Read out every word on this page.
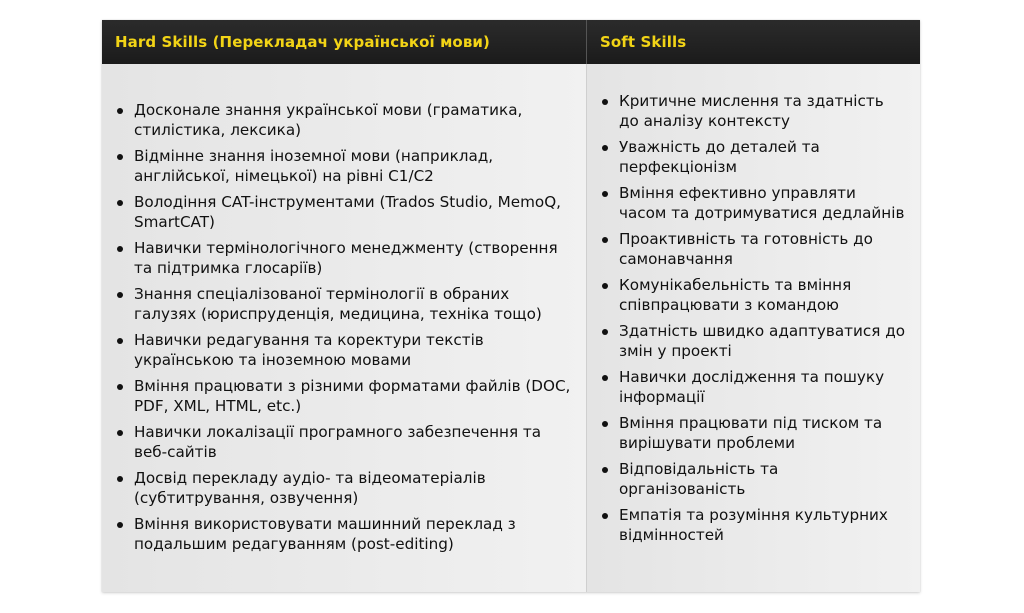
Hard Skills (Перекладач української мови)	Soft Skills
Досконале знання української мови (граматика, стилістика, лексика)
Відмінне знання іноземної мови (наприклад, англійської, німецької) на рівні C1/C2
Володіння CAT-інструментами (Trados Studio, MemoQ, SmartCAT)
Навички термінологічного менеджменту (створення та підтримка глосаріїв)
Знання спеціалізованої термінології в обраних галузях (юриспруденція, медицина, техніка тощо)
Навички редагування та коректури текстів українською та іноземною мовами
Вміння працювати з різними форматами файлів (DOC, PDF, XML, HTML, etc.)
Навички локалізації програмного забезпечення та веб-сайтів
Досвід перекладу аудіо- та відеоматеріалів (субтитрування, озвучення)
Вміння використовувати машинний переклад з подальшим редагуванням (post-editing)
Критичне мислення та здатність до аналізу контексту
Уважність до деталей та перфекціонізм
Вміння ефективно управляти часом та дотримуватися дедлайнів
Проактивність та готовність до самонавчання
Комунікабельність та вміння співпрацювати з командою
Здатність швидко адаптуватися до змін у проекті
Навички дослідження та пошуку інформації
Вміння працювати під тиском та вирішувати проблеми
Відповідальність та організованість
Емпатія та розуміння культурних відмінностей
